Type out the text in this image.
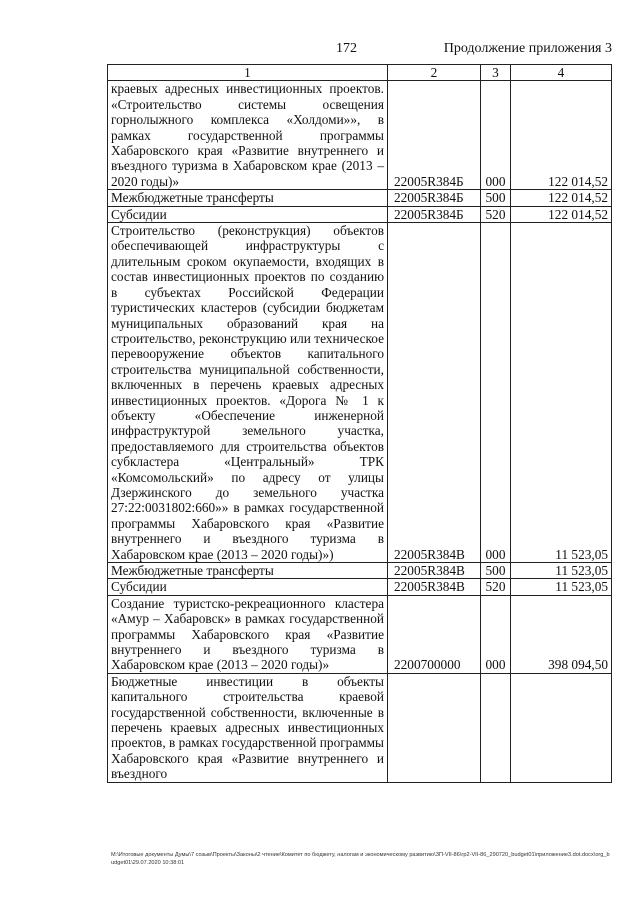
172	Продолжение приложения 3
1	2	3	4
краевых адресных инвестиционных проектов. «Строительство системы освещения горнолыжного комплекса «Холдоми»», в рамках государственной программы Хабаровского края «Развитие внутреннего и въездного туризма в Хабаровском крае (2013 – 2020 годы)»	22005R384Б	000	122 014,52
Межбюджетные трансферты	22005R384Б	500	122 014,52
Субсидии	22005R384Б	520	122 014,52
Строительство (реконструкция) объектов обеспечивающей инфраструктуры с длительным сроком окупаемости, входящих в состав инвестиционных проектов по созданию в субъектах Российской Федерации туристических кластеров (субсидии бюджетам муниципальных образований края на строительство, реконструкцию или техническое перевооружение объектов капитального строительства муниципальной собственности, включенных в перечень краевых адресных инвестиционных проектов. «Дорога № 1 к объекту «Обеспечение инженерной инфраструктурой земельного участка, предоставляемого для строительства объектов субкластера «Центральный» ТРК «Комсомольский» по адресу от улицы Дзержинского до земельного участка 27:22:0031802:660»» в рамках государственной программы Хабаровского края «Развитие внутреннего и въездного туризма в Хабаровском крае (2013 – 2020 годы)»)	22005R384В	000	11 523,05
Межбюджетные трансферты	22005R384В	500	11 523,05
Субсидии	22005R384В	520	11 523,05
Создание туристско-рекреационного кластера «Амур – Хабаровск» в рамках государственной программы Хабаровского края «Развитие внутреннего и въездного туризма в Хабаровском крае (2013 – 2020 годы)»	2200700000	000	398 094,50
Бюджетные инвестиции в объекты капитального строительства краевой государственной собственности, включенные в перечень краевых адресных инвестиционных проектов, в рамках государственной программы Хабаровского края «Развитие внутреннего и въездного			
M:\Итоговые документы Думы\7 созыв\Проекты\Законы\2 чтение\Комитет по бюджету, налогам и экономическому развитию\ЗП-VII-86\гр2-VII-86_290720_budget01\приложение3.dot.docx\org_budget01\29.07.2020 10:38:01
